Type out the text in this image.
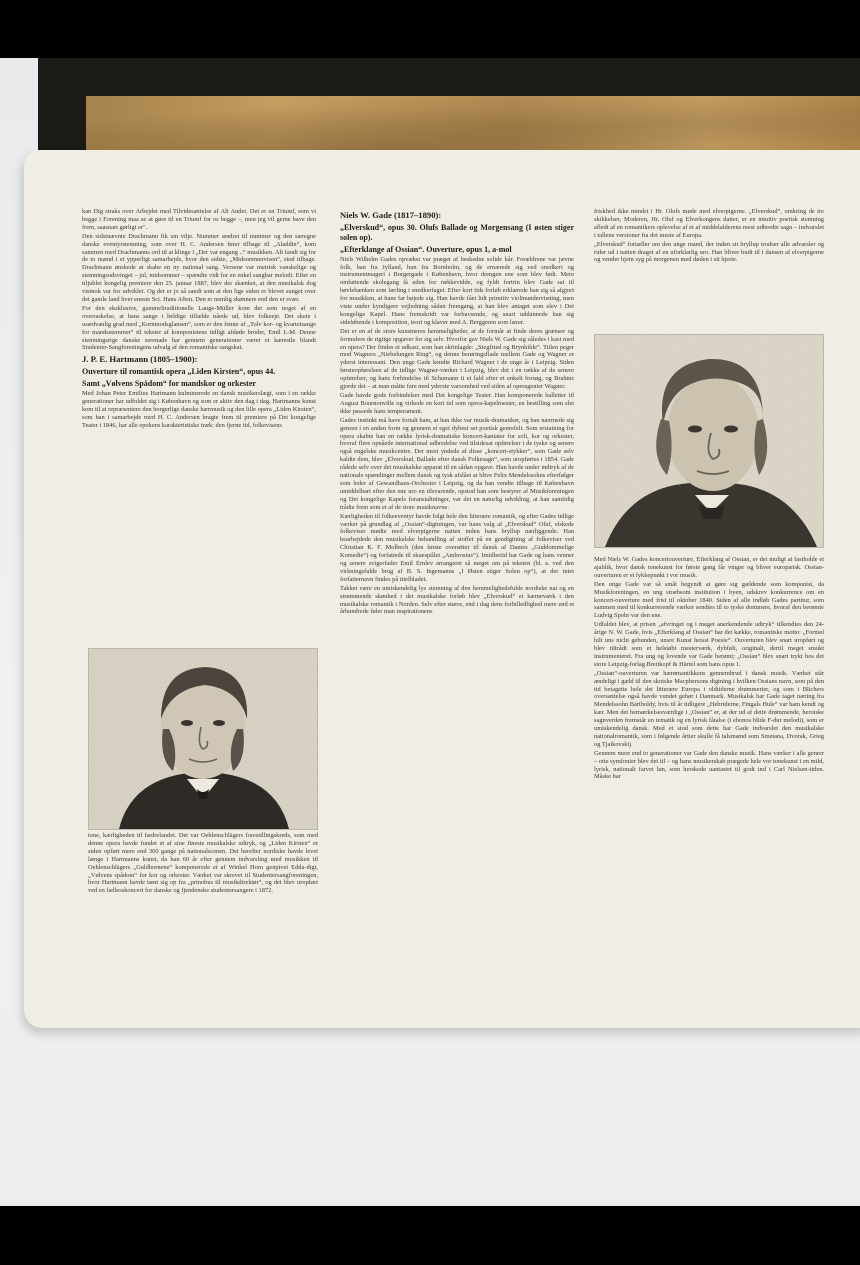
kan Dig straks over Arbejdet med Tilvidesættelse af Alt Andet. Det er en Triumf, som vi begge i Forening maa se at gøre til en Triumf for os begge –, men jeg vil gerne have den frem, saasnart gørligt er".

Den sidstnævnte Drachmann fik sin vilje. Nummer ændret til nummer og den særegne danske eventyrstemning, som over H. C. Andersen fører tilbage til „Aladdin“, kom sammen med Drachmanns ord til at klinge i „Der var engang ..“ musikken. Alt fandt sig for de to mænd i et ypperligt samarbejde, hvor den sidste, „Midsommervisen“, stod tilbage. Drachmann ønskede at skabe en ny national sang. Versene var metrisk vanskelige og stemningsudsvinget – jul, midsommer – spændte vidt for en enkel sangbar melodi. Efter en tiljublet kongelig premiere den 25. januar 1887, blev der skænket, at den musikalsk dog vistnok var for udviklet. Og det er jo så sandt som at den lige siden er blevet sunget over det gamle land hver eneste Sct. Hans Aften. Den er nemlig skønnere end den er svær.

For den eksklusive, gammeltraditionelle Lange-Müller kom det som noget af en overraskelse, at hans sange i heldige tilfælde nåede ud, blev folkeeje. Det skete i usædvanlig grad med „Kornmodsglansen“, som er den femte af „Tolv kor- og kvartetsange for mandsstemmer“ til tekster af komponistens tidligt afdøde broder, Emil L-M. Denne stemningsrige danske serenade har gennem generationer været et kærestle blandt Studenter-Sangforeningens udvalg af den romantiske sangskat.

J. P. E. Hartmann (1805–1900):
Ouverture til romantisk opera „Liden Kirsten“, opus 44.
Samt „Vølvens Spådom“ for mandskor og orkester

Med Johan Peter Emilius Hartmann kulminerede en dansk musikerslægt, som i en række generationer har udfoldet sig i København og som er aktiv den dag i dag. Hartmanns kunst kom til at repræsentere den borgerlige danske hærmusik og den lille opera „Liden Kirsten“, som han i samarbejde med H. C. Andersen bragte frem til premiere på Det kongelige Teater i 1846, har alle epokens karakteristiske træk: den fjerne tid, folkevisens

tone, kærligheden til fædrelandet. Det var Oehlenschlägers forestillingskreds, som med denne opera havde fundet et af sine fineste musikalske udtryk, og „Liden Kirsten“ er siden opført mere end 300 gange på nationalscenen. Det herefter nordiske havde levet længe i Hartmanns kunst, da han 60 år efter gennem indvarsling med musikken til Oehlenschlägers „Guldhornene“ komponerede et af Winkel Horn genpivet Edda-digt, „Vølvens spådom“ for kor og orkester. Værket var skrevet til Studentersangforeningen, hvor Hartmann havde tænt sig op fra „prinobus til musikdirektør“, og det blev uropført ved en fællesskoncert for danske og fjendenske studentersangere i 1872.

Niels W. Gade (1817–1890):
„Elverskud“, opus 30. Olufs Ballade og Morgensang (I østen stiger solen op).
„Efterklange af Ossian“. Ouverture, opus 1, a-mol

Niels Wilhelm Gades opvækst var præget af beskedne solide kår. Forældrene var jævne folk, han fra Jylland, hun fra Bornholm, og de ernærede sig ved snedkeri og instrumentmageri i Borgergade i København, hvor drengen ene som blev født. Mere omfattende skolegang lå uden for rækkevidde, og fyldt fortrin blev Gade sat til høvlebænken som lærling i snedkerfaget. Efter kort tids forløb erklærede han sig så afgjort for musikken, at hans far bøjede sig. Han havde fået lidt primitiv violinundervisning, men viste under kyndigere vejledning sådan fremgang, at han blev antaget som elev i Det kongelige Kapel. Hans fremskridt var forbavsende, og snart uddannede han sig sideløbende i komposition, teori og klaver med A. Berggreen som lærer.

Det er en af de store kunstneres hemmeligheder, at de formår at finde deres grænser og formulere de rigtige opgaver for sig selv. Hvorfor gav Niels W. Gade sig således i kast med en opera? Der findes et udkast, som han skrinlagde: „Siegfried og Brynhilde“. Titlen peger mod Wagners „Niebelungen Ring“, og denne berøringsflade mellem Gade og Wagner er yderst interessant. Den unge Gade kendte Richard Wagner i de unge år i Leipzig. Siden førsteopførelsen af de tidlige Wagner-værker i Leipzig, blev det i en række af de senere opførelser, og hans forbindelse til Schumann ti et fald efter et enkelt forsøg, og Brahms gjorde det – at man måtte fare med yderste varsomhed ved siden af operagenier Wagner.

Gade havde gode forbindelser med Det kongelige Teater. Han komponerede balletter til August Bournonville og virkede en kort tid som opera-kapelmester, en bestilling som slet ikke passede hans temperament.

Gades instinkt må have fortalt ham, at han ikke var musik-dramatiker, og han nærmede sig genren i en anden form og gennem et eget dybest set poetisk genrefelt. Som erstatning for opera skabte han en række lyrisk-dramatiske koncert-kantater for soli, kor og orkester, hvoraf flere opnåede international udbredelse ved tilsidesat opførelser i de tyske og senere også engelske musikcentre. Det mest yndede af disse „koncert-stykker“, som Gade selv kaldte dem, blev „Elverskud, Ballade efter dansk Folkesagn“, som uropførtes i 1854. Gade rådede selv over det musikalske apparat til en sådan opgave. Han havde under indtryk af de nationale spændinger mellem dansk og tysk afslået at blive Felix Mendelssohns efterfølger som leder af Gewandhaus-Orchester i Leipzig, og da han vendte tilbage til København umiddelbart efter den ene uro en tilsvarende, opstod han som bestyrer af Musikforeningen og Det kongelige Kapels foranstaltninger, var det en naturlig udvikling, at han samtidig trådte frem som et af de store musiknavne.

Kærligheden til folkeeventyr havde folgt hele den litterære romantik, og efter Gades tidlige værker på grundlag af „Ossian“-digtningen, var hans valg af „Elverskud“ Oluf, elskede folkeviser mødte med elverpigerne natten inden hans bryllup nærliggende. Han bearbejdede den musikalske behandling af stoffet på en gendigtning af folkeviser ved Christian K. F. Molbech (den første overætter til dansk af Dantes „Guddommelige Komedie“) og forfattede til skuespillet „Ambrosius“). Imidlertid har Gade og hans venner og senere svigerfader Emil Ernlev arrangeret så meget om på teksten (bl. a. ved den virkningsfulde brug af B. S. Ingemanns „I Østen stiger Solen op“), at der intet forfatternavn findes på titelbladet.

Takket være en umiskendelig lys stemning af den hemmelighedsfulde nordiske nat og en strømmende skønhed i det musikalske forløb blev „Elverskud“ et kærneværk i den musikalske romantik i Norden. Selv efter større, end i dag dens forbilledlighed mere end et århundrede føler man inspirationens

friskhed ikke mindst i Hr. Olufs møde med elverpigerne. „Elverskud“, omkring de tre skikkelser, Moderen, Hr. Oluf og Elverkongens datter, er en intuitiv poetisk stemning afledt af en romantikers oplevelse af et af middelalderens mest udbredte sagn – indvarslet i tallene versioner fra det meste af Europa.

„Elverskud“ fortæller om den unge mand, der inden sit bryllup trodser alle advarsler og rider ud i natten draget af en uforklarlig uro. Han bliver budt til i dansen af elverpigerne og vender hjem syg på morgenen med døden i sit hjerte.

Med Niels W. Gades koncertouverture, Efterklang af Ossian, er det muligt at fastholde et ajablik, hvor dansk tonekunst for første gang får vinger og bliver europæisk. Ossian-ouverturen er et lykkepunkt i vor musik.

Den unge Gade var så småt begyndt at gøre sig gældende som komponist, da Musikforeningen, en ung stræbsom institution i byen, udskrev konkurrence om en koncert-ouverture med frist til oktober 1840. Siden af alle indløb Gades partitur, som sammen med til konkurrerende værker sendtes til to tyske dommere, hvoraf den berømte Ludvig Spohr var den ene.

Udfaldet blev, at prisen „afvringet og i meget anerkendende udtryk“ tilkendtes den 24-årige N. W. Gade, hvis „Efterklang af Ossian“ bar det kække, romantiske motto: „Formel hilt uns nicht gebunden, unsre Kunst heisst Poesie“. Ouverturen blev snart uropført og blev tiltrådt som et helstøbt mesterværk, dybfølt, originalt, dertil meget smukt instrumenteret. Fra ung og lovende var Gade berømt; „Ossian“ blev snart trykt hos det store Leipzig-forlag Breitkopf & Härtel som hans opus 1.

„Ossian“-ouverturen var hærømantikkens gennembrud i dansk musik. Værket står ændeligt i gæld til den skotske Macphersons digtning i hvilken Ossians navn, som på den tid betagette hele det litterære Europa i oldtiderne drømmerier, og som i Blichers oversættelse også havde vundet gehør i Danmark. Musikalsk har Gade taget næring fra Mendelssohn Bartholdy, hvis til år tidligere „Hebriderne, Fingals Hule“ var ham kendt og kær. Men det bemærkelsesværdige i „Ossian“ er, at der ud af dette drømmende, heroiske sagnverden fremstår en tematik og en lyrisk fåtalse (i ebonos blide F-dur melodi), som er umiskendelig dansk. Med et stod som dette har Gade indvarslet den musikalske nationalromantik, som i følgende årtier skulle få talsmænd som Smetana, Dvorak, Grieg og Tjaikovskij.

Gennem mere end to generationer var Gade den danske musik. Hans værker i alle genrer – otte symfonier blev det til – og hans musikerskab prægede hele vor tonekunst i en mild, lyrisk, nationalt farvet løn, som herskede uantastet til godt ind i Carl Nielsen-tiden. Måske har
